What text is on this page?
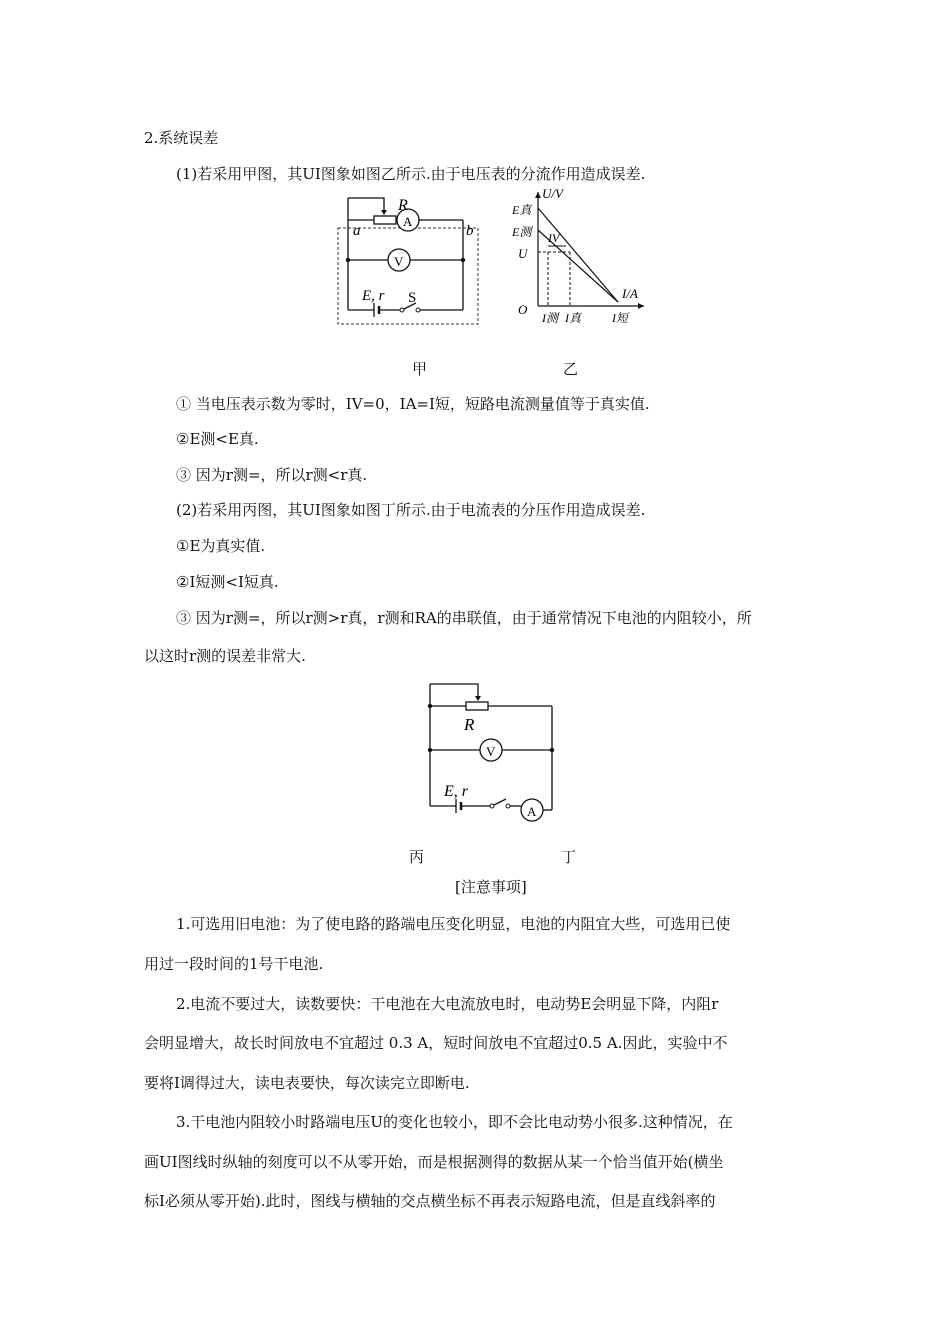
2.系统误差
(1)若采用甲图，其UI图象如图乙所示.由于电压表的分流作用造成误差.
R
A
V
a	b
E, r S
U/V
I/A
E真
E测 IV
U
O
I测 I真	I短
甲	乙
① 当电压表示数为零时，IV=0，IA=I短，短路电流测量值等于真实值.
②E测<E真.
③ 因为r测=，所以r测<r真.
(2)若采用丙图，其UI图象如图丁所示.由于电流表的分压作用造成误差.
①E为真实值.
②I短测<I短真.
③ 因为r测=，所以r测>r真，r测和RA的串联值，由于通常情况下电池的内阻较小，所
以这时r测的误差非常大.
R
V
A
E, r
丙	丁
[注意事项]
1.可选用旧电池：为了使电路的路端电压变化明显，电池的内阻宜大些，可选用已使
用过一段时间的1号干电池.
2.电流不要过大，读数要快：干电池在大电流放电时，电动势E会明显下降，内阻r
会明显增大，故长时间放电不宜超过 0.3 A，短时间放电不宜超过0.5 A.因此，实验中不
要将I调得过大，读电表要快，每次读完立即断电.
3.干电池内阻较小时路端电压U的变化也较小，即不会比电动势小很多.这种情况，在
画UI图线时纵轴的刻度可以不从零开始，而是根据测得的数据从某一个恰当值开始(横坐
标I必须从零开始).此时，图线与横轴的交点横坐标不再表示短路电流，但是直线斜率的
